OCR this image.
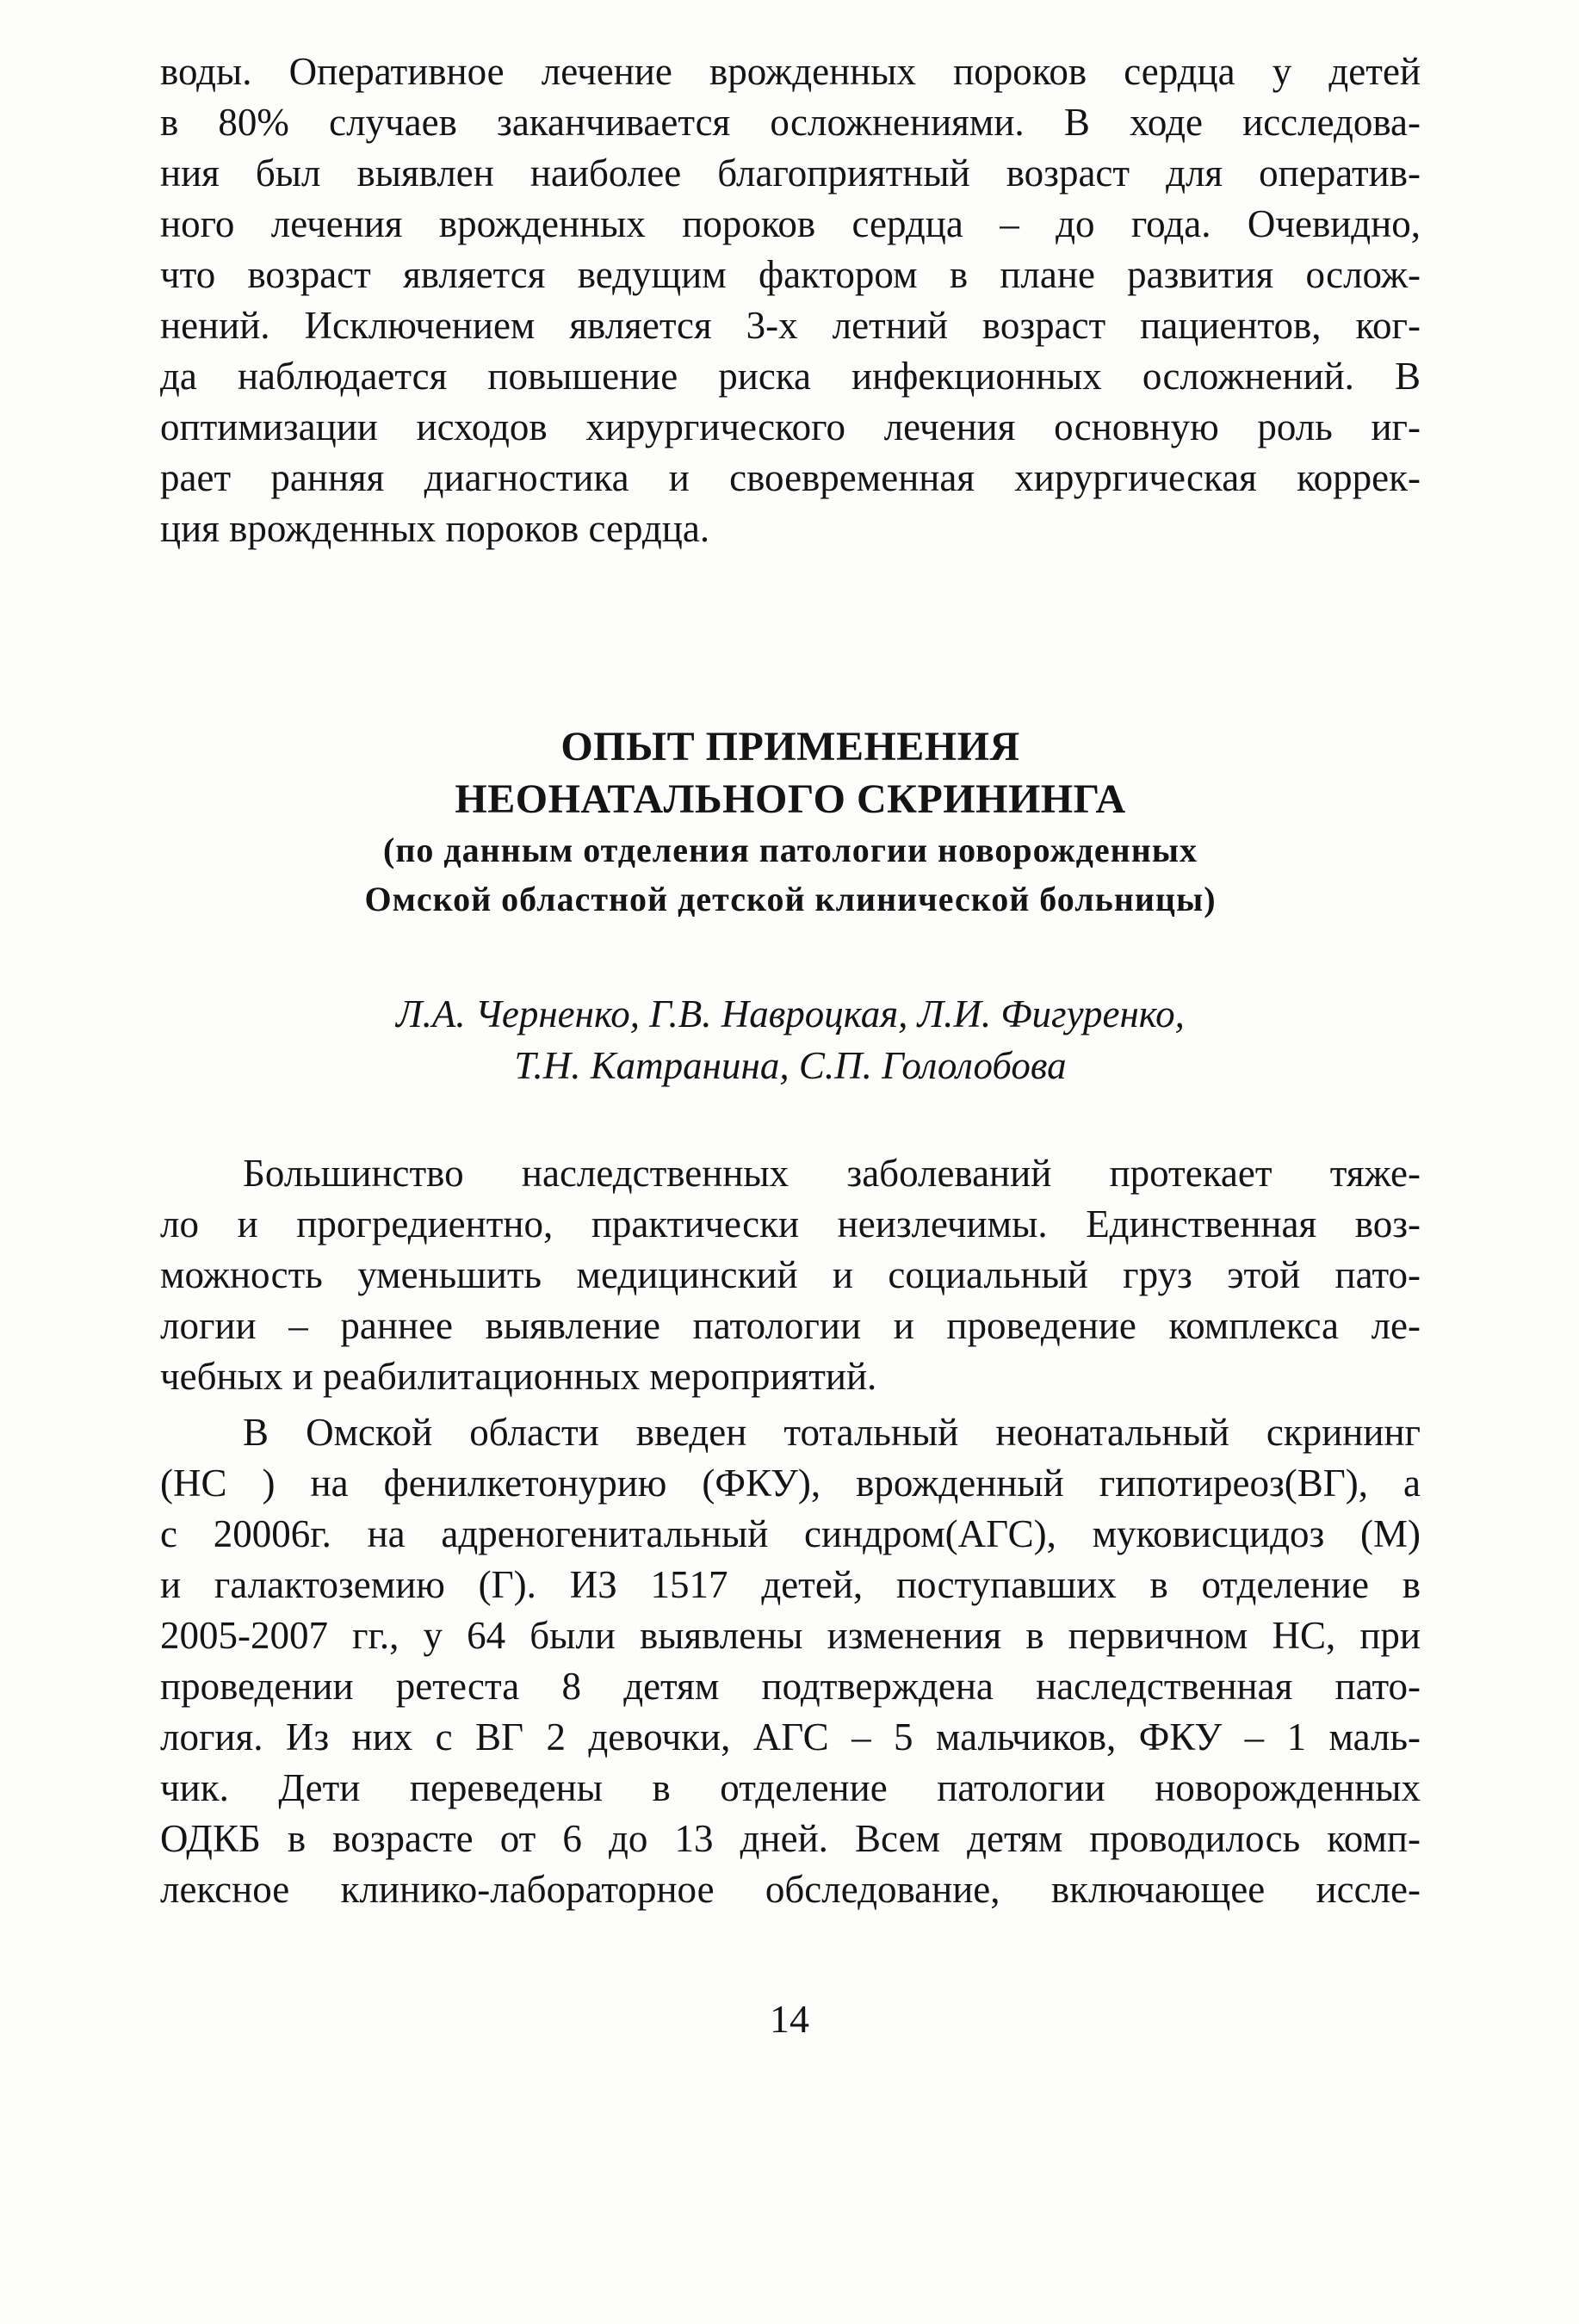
воды. Оперативное лечение врожденных пороков сердца у детей
в 80% случаев заканчивается осложнениями. В ходе исследова-
ния был выявлен наиболее благоприятный возраст для оператив-
ного лечения врожденных пороков сердца – до года. Очевидно,
что возраст является ведущим фактором в плане развития ослож-
нений. Исключением является 3-х летний возраст пациентов, ког-
да наблюдается повышение риска инфекционных осложнений. В
оптимизации исходов хирургического лечения основную роль иг-
рает ранняя диагностика и своевременная хирургическая коррек-
ция врожденных пороков сердца.

ОПЫТ ПРИМЕНЕНИЯ

НЕОНАТАЛЬНОГО СКРИНИНГА

(по данным отделения патологии новорожденных

Омской областной детской клинической больницы)

Л.А. Черненко, Г.В. Навроцкая, Л.И. Фигуренко,
Т.Н. Катранина, С.П. Гололобова
Большинство наследственных заболеваний протекает тяже-
ло и прогредиентно, практически неизлечимы. Единственная воз-
можность уменьшить медицинский и социальный груз этой пато-
логии – раннее выявление патологии и проведение комплекса ле-
чебных и реабилитационных мероприятий.
В Омской области введен тотальный неонатальный скрининг
(НС ) на фенилкетонурию (ФКУ), врожденный гипотиреоз(ВГ), а
с 20006г. на адреногенитальный синдром(АГС), муковисцидоз (М)
и галактоземию (Г). ИЗ 1517 детей, поступавших в отделение в
2005-2007 гг., у 64 были выявлены изменения в первичном НС, при
проведении ретеста 8 детям подтверждена наследственная пато-
логия. Из них с ВГ 2 девочки, АГС – 5 мальчиков, ФКУ – 1 маль-
чик. Дети переведены в отделение патологии новорожденных
ОДКБ в возрасте от 6 до 13 дней. Всем детям проводилось комп-
лексное клинико-лабораторное обследование, включающее иссле-
14
